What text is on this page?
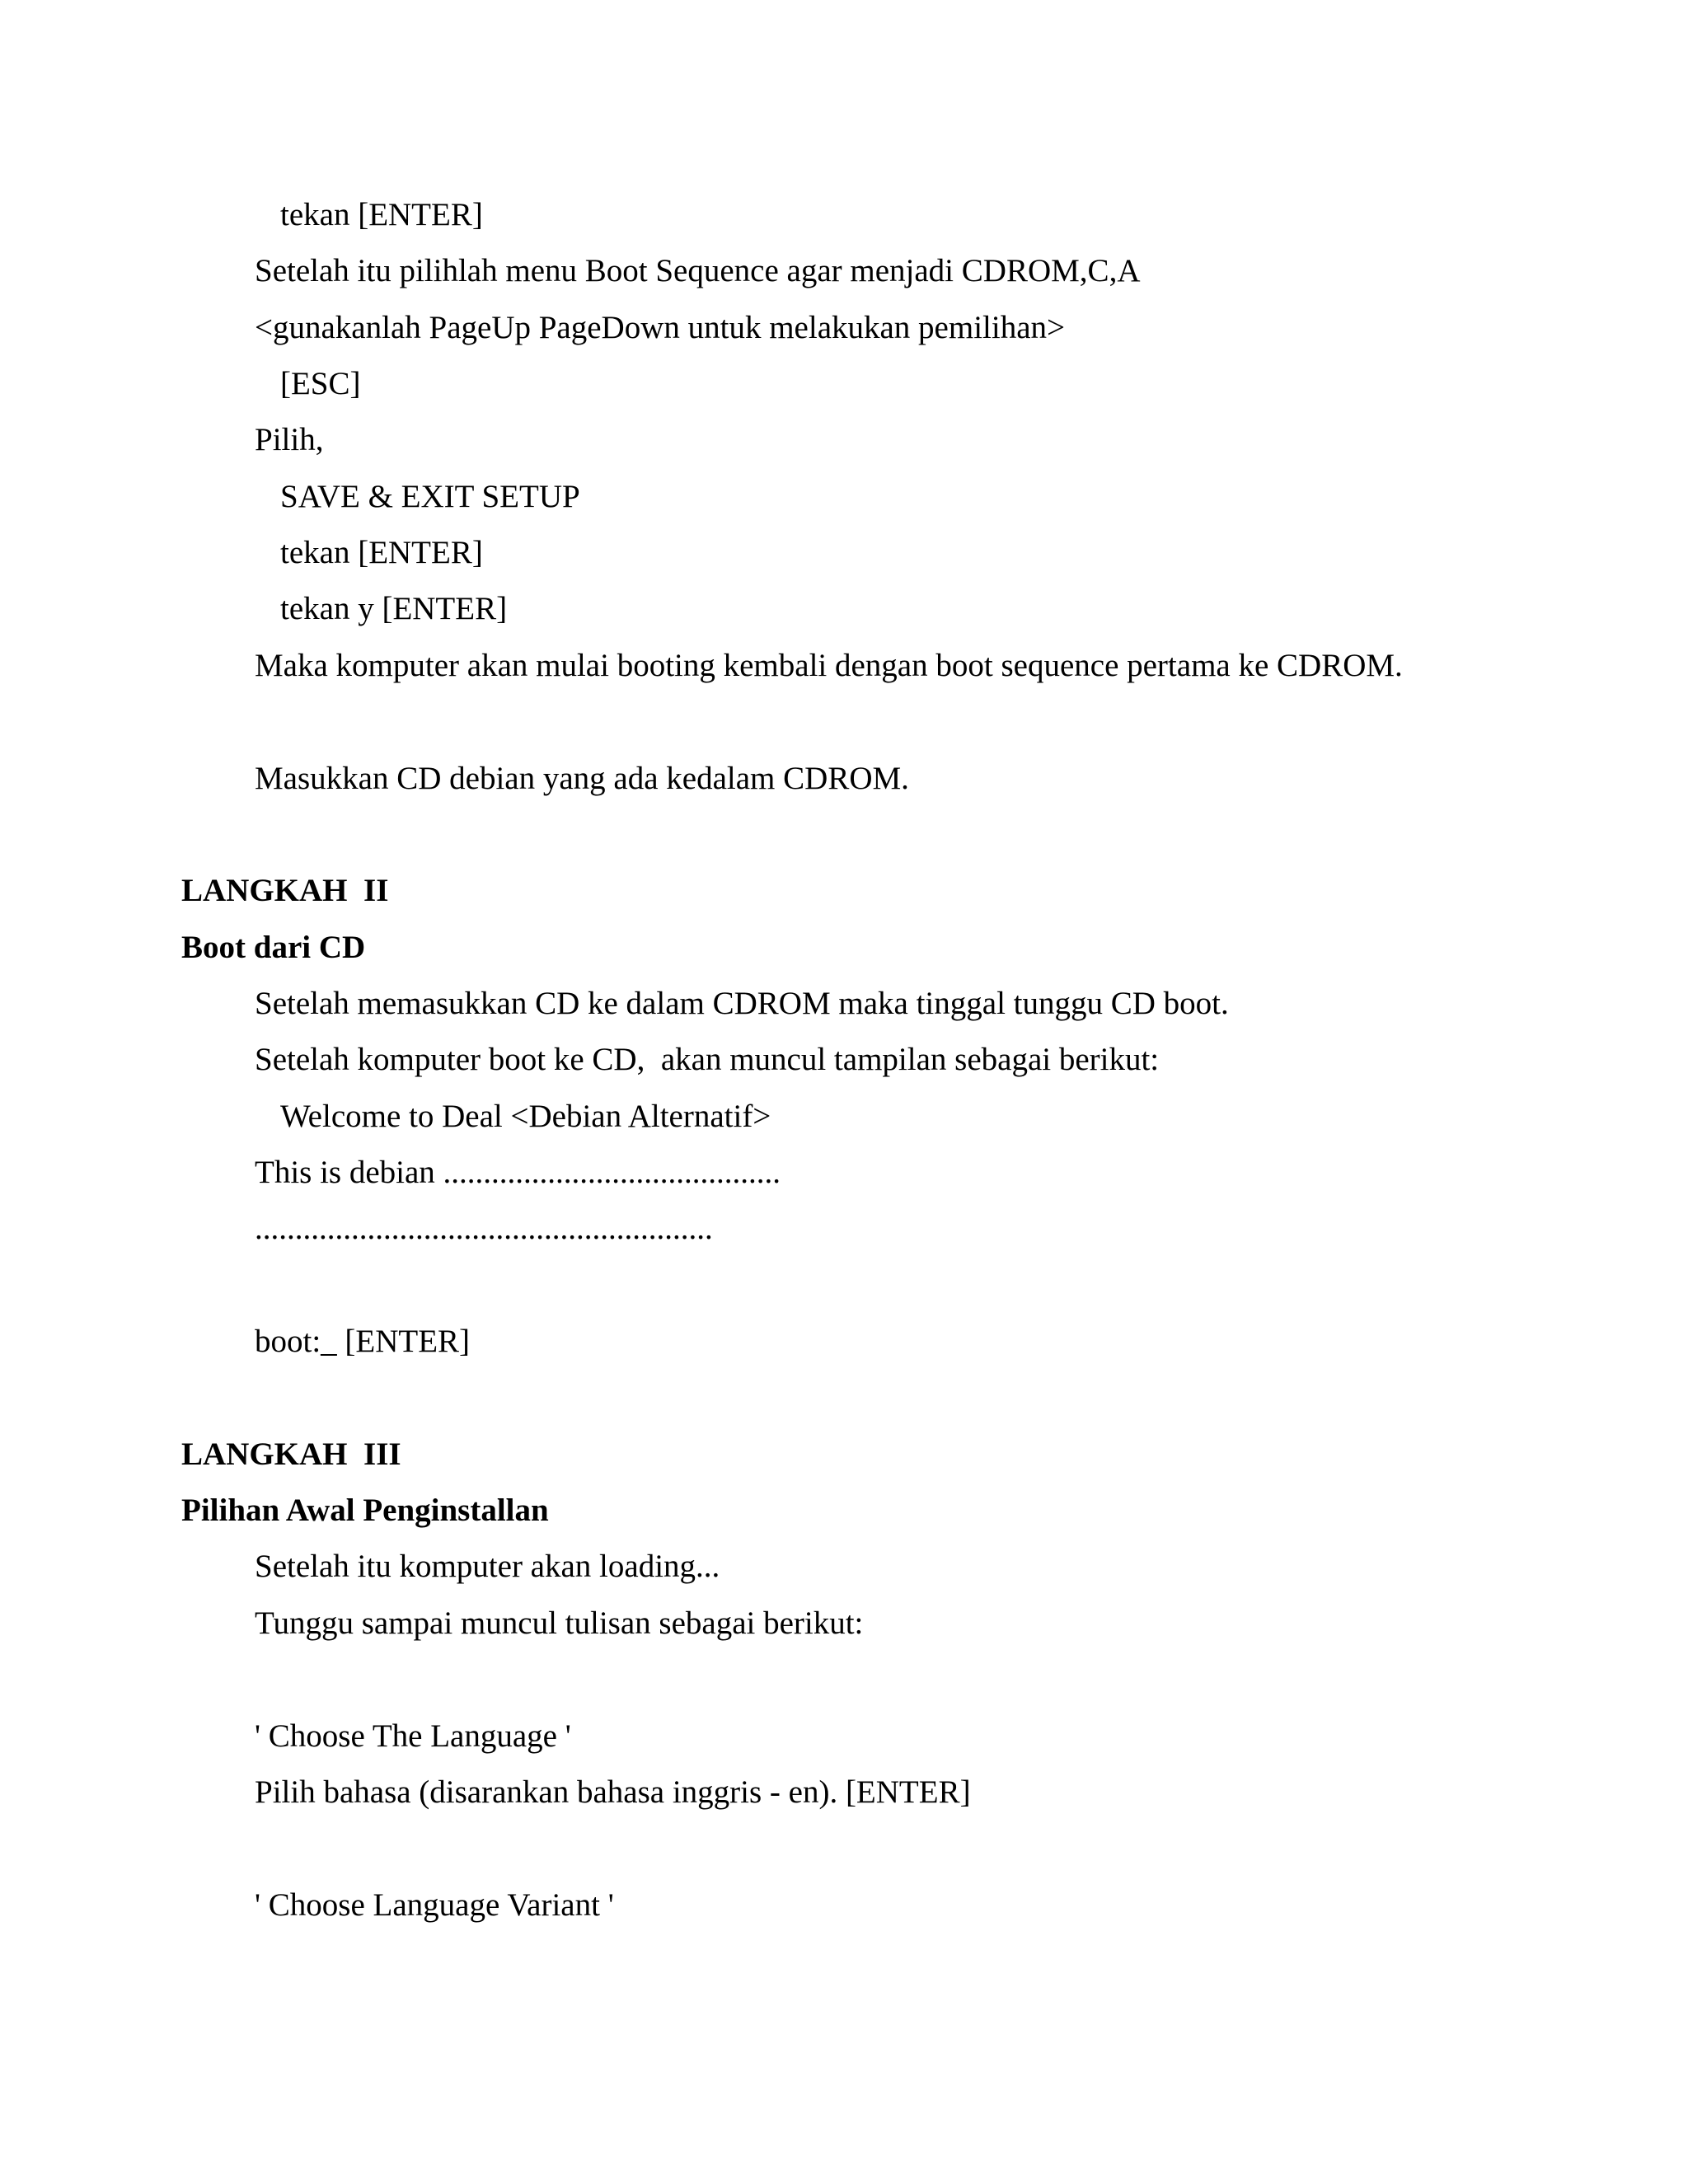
tekan [ENTER]
Setelah itu pilihlah menu Boot Sequence agar menjadi CDROM,C,A
<gunakanlah PageUp PageDown untuk melakukan pemilihan>
[ESC]
Pilih,
SAVE & EXIT SETUP
tekan [ENTER]
tekan y [ENTER]
Maka komputer akan mulai booting kembali dengan boot sequence pertama ke CDROM.
Masukkan CD debian yang ada kedalam CDROM.
LANGKAH  II
Boot dari CD
Setelah memasukkan CD ke dalam CDROM maka tinggal tunggu CD boot.
Setelah komputer boot ke CD,  akan muncul tampilan sebagai berikut:
Welcome to Deal <Debian Alternatif>
This is debian ..........................................
.........................................................
boot:_ [ENTER]
LANGKAH  III
Pilihan Awal Penginstallan
Setelah itu komputer akan loading...
Tunggu sampai muncul tulisan sebagai berikut:
' Choose The Language '
Pilih bahasa (disarankan bahasa inggris - en). [ENTER]
' Choose Language Variant '
